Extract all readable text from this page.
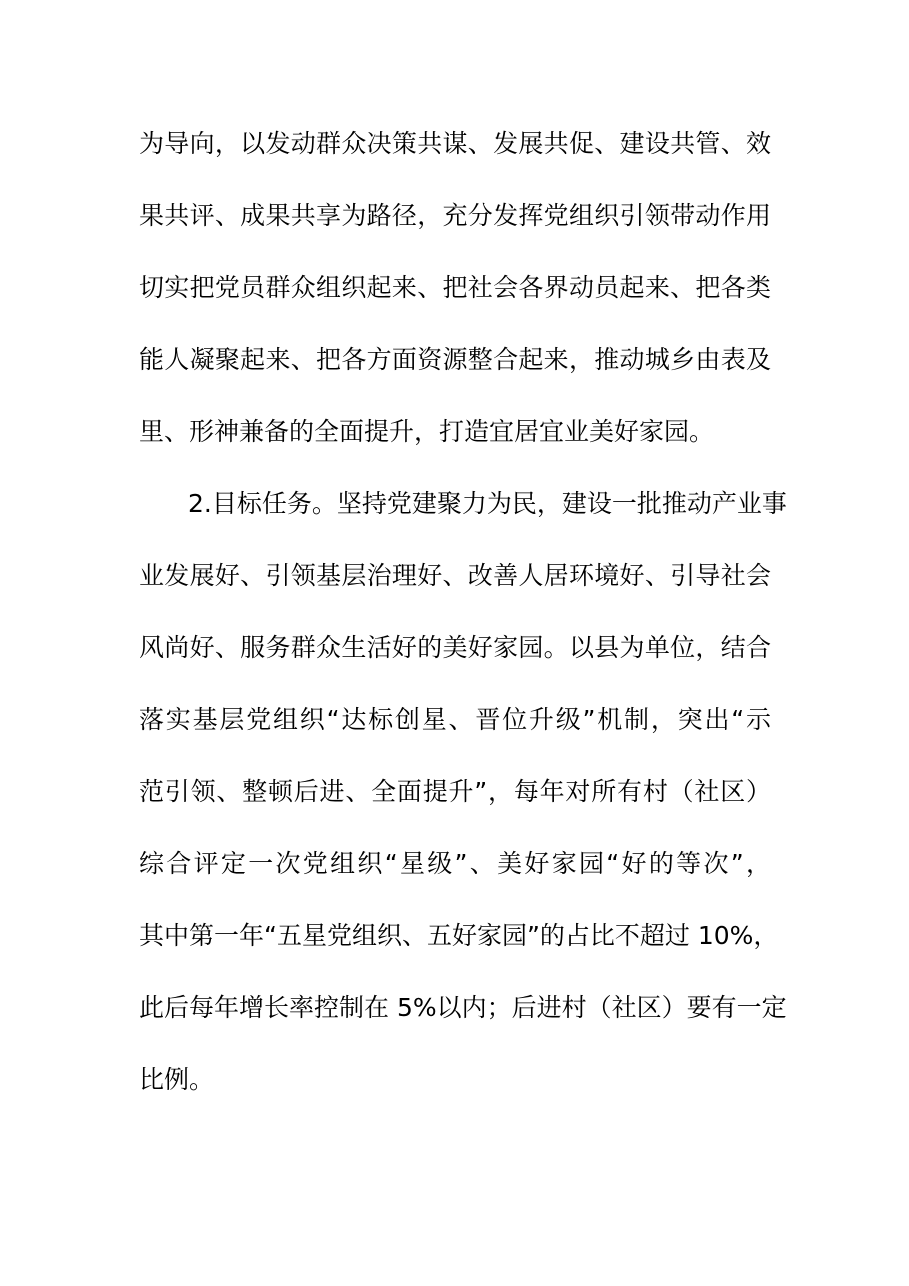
为导向，以发动群众决策共谋、发展共促、建设共管、效
果共评、成果共享为路径，充分发挥党组织引领带动作用
切实把党员群众组织起来、把社会各界动员起来、把各类
能人凝聚起来、把各方面资源整合起来，推动城乡由表及
里、形神兼备的全面提升，打造宜居宜业美好家园。
2.目标任务。坚持党建聚力为民，建设一批推动产业事
业发展好、引领基层治理好、改善人居环境好、引导社会
风尚好、服务群众生活好的美好家园。以县为单位，结合
落实基层党组织“达标创星、晋位升级”机制，突出“示
范引领、整顿后进、全面提升”，每年对所有村（社区）
综合评定一次党组织“星级”、美好家园“好的等次”，
其中第一年“五星党组织、五好家园”的占比不超过 10%，
此后每年增长率控制在 5%以内；后进村（社区）要有一定
比例。
